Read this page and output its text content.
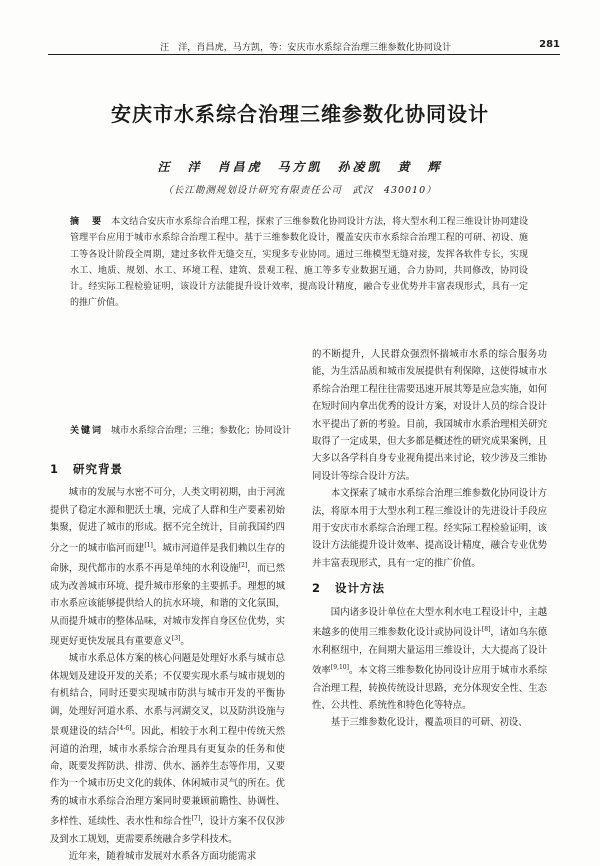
汪　洋，肖昌虎，马方凯，等：安庆市水系综合治理三维参数化协同设计	281
安庆市水系综合治理三维参数化协同设计
汪　洋　肖昌虎　马方凯　孙凌凯　黄　辉
（长江勘测规划设计研究有限责任公司　武汉　430010）
摘　要 本文结合安庆市水系综合治理工程，探索了三维参数化协同设计方法，将大型水利工程三维设计协同建设管理平台应用于城市水系综合治理工程中。基于三维参数化设计，覆盖安庆市水系综合治理工程的可研、初设、施工等各设计阶段全周期，建过多软件无缝交互，实现多专业协同。通过三维模型无缝对接，发挥各软件专长，实现水工、地质、规划、水工、环境工程、建筑、景观工程、施工等多专业数据互通，合力协同，共同修改，协同设计。经实际工程检验证明，该设计方法能提升设计效率，提高设计精度，融合专业优势并丰富表现形式，具有一定的推广价值。
关键词 城市水系综合治理；三维；参数化；协同设计
1 研究背景

城市的发展与水密不可分，人类文明初期，由于河流提供了稳定水源和肥沃土壤，完成了人群和生产要素初始集聚，促进了城市的形成。据不完全统计，目前我国约四分之一的城市临河而建[1]。城市河道伴是我们赖以生存的命脉，现代都市的水系不再是单纯的水利设施[2]，而已然成为改善城市环境、提升城市形象的主要抓手。理想的城市水系应该能够提供给人的抗水环境，和谐的文化氛围，从而提升城市的整体品味，对城市发挥自身区位优势，实现更好更快发展具有重要意义[3]。

城市水系总体方案的核心问题是处理好水系与城市总体规划及建设开发的关系；不仅要实现水系与城市规划的有机结合，同时还要实现城市防洪与城市开发的平衡协调，处理好河道水系、水系与河湖交叉，以及防洪设施与景观建设的结合[4-6]。因此，相较于水利工程中传统天然河道的治理，城市水系综合治理具有更复杂的任务和使命，既要发挥防洪、排涝、供水、涵养生态等作用，又要作为一个城市历史文化的载体、休闲城市灵气的所在。优秀的城市水系综合治理方案同时要兼顾前瞻性、协调性、多样性、延续性、表水性和综合性[7]，设计方案不仅仅涉及到水工规划，更需要系统融合多学科技术。

近年来，随着城市发展对水系各方面功能需求

的不断提升，人民群众强烈怀揣城市水系的综合服务功能，为生活品质和城市发展提供有利保障，这使得城市水系综合治理工程往往需要迅速开展其筹是应急实施，如何在短时间内拿出优秀的设计方案，对设计人员的综合设计水平提出了新的考验。目前，我国城市水系治理相关研究取得了一定成果，但大多都是概述性的研究成果案例，且大多以各学科自身专业视角提出来讨论，较少涉及三维协同设计等综合设计方法。

本文探索了城市水系综合治理三维参数化协同设计方法，将原本用于大型水利工程三维设计的先进设计手段应用于安庆市水系综合治理工程。经实际工程检验证明，该设计方法能提升设计效率、提高设计精度，融合专业优势并丰富表现形式，具有一定的推广价值。

2 设计方法

国内诸多设计单位在大型水利水电工程设计中，主越来越多的使用三维参数化设计或协同设计[8]，诸如乌东德水利枢纽中，在间期大量运用三维设计，大大提高了设计效率[9,10]。本文将三维参数化协同设计应用于城市水系综合治理工程，转换传统设计思路，充分体现安全性、生态性、公共性、系统性和特色化等特点。

基于三维参数化设计，覆盖项目的可研、初设、
